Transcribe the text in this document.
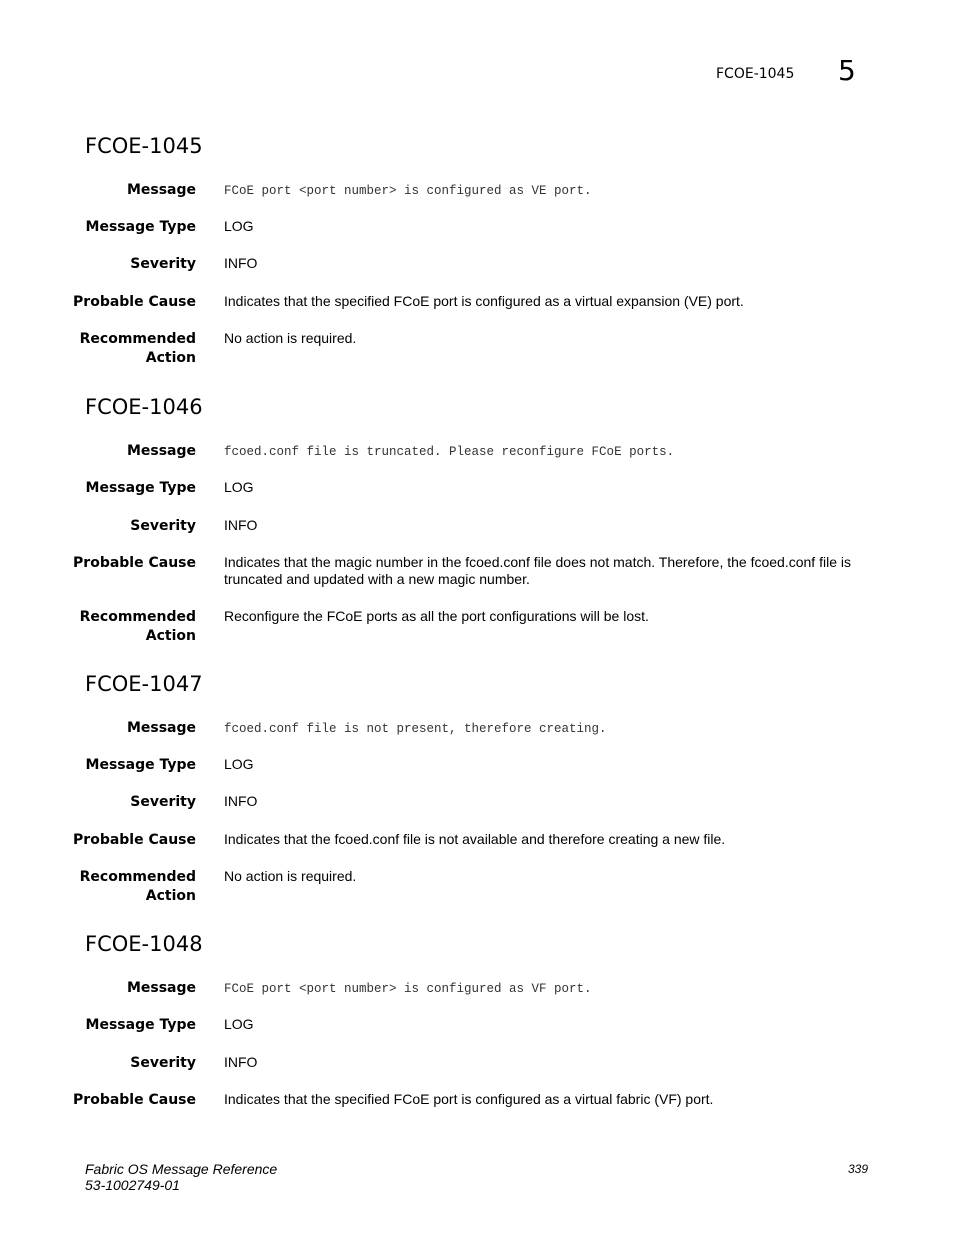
FCOE-1045 5
FCOE-1045
Message FCoE port <port number> is configured as VE port.
Message Type LOG
Severity INFO
Probable Cause Indicates that the specified FCoE port is configured as a virtual expansion (VE) port.
Recommended
Action
No action is required.
FCOE-1046
Message fcoed.conf file is truncated. Please reconfigure FCoE ports.
Message Type LOG
Severity INFO
Probable Cause Indicates that the magic number in the fcoed.conf file does not match. Therefore, the fcoed.conf file is truncated and updated with a new magic number.
Recommended
Action
Reconfigure the FCoE ports as all the port configurations will be lost.
FCOE-1047
Message fcoed.conf file is not present, therefore creating.
Message Type LOG
Severity INFO
Probable Cause Indicates that the fcoed.conf file is not available and therefore creating a new file.
Recommended
Action
No action is required.
FCOE-1048
Message FCoE port <port number> is configured as VF port.
Message Type LOG
Severity INFO
Probable Cause Indicates that the specified FCoE port is configured as a virtual fabric (VF) port.
Fabric OS Message Reference
53-1002749-01
339
